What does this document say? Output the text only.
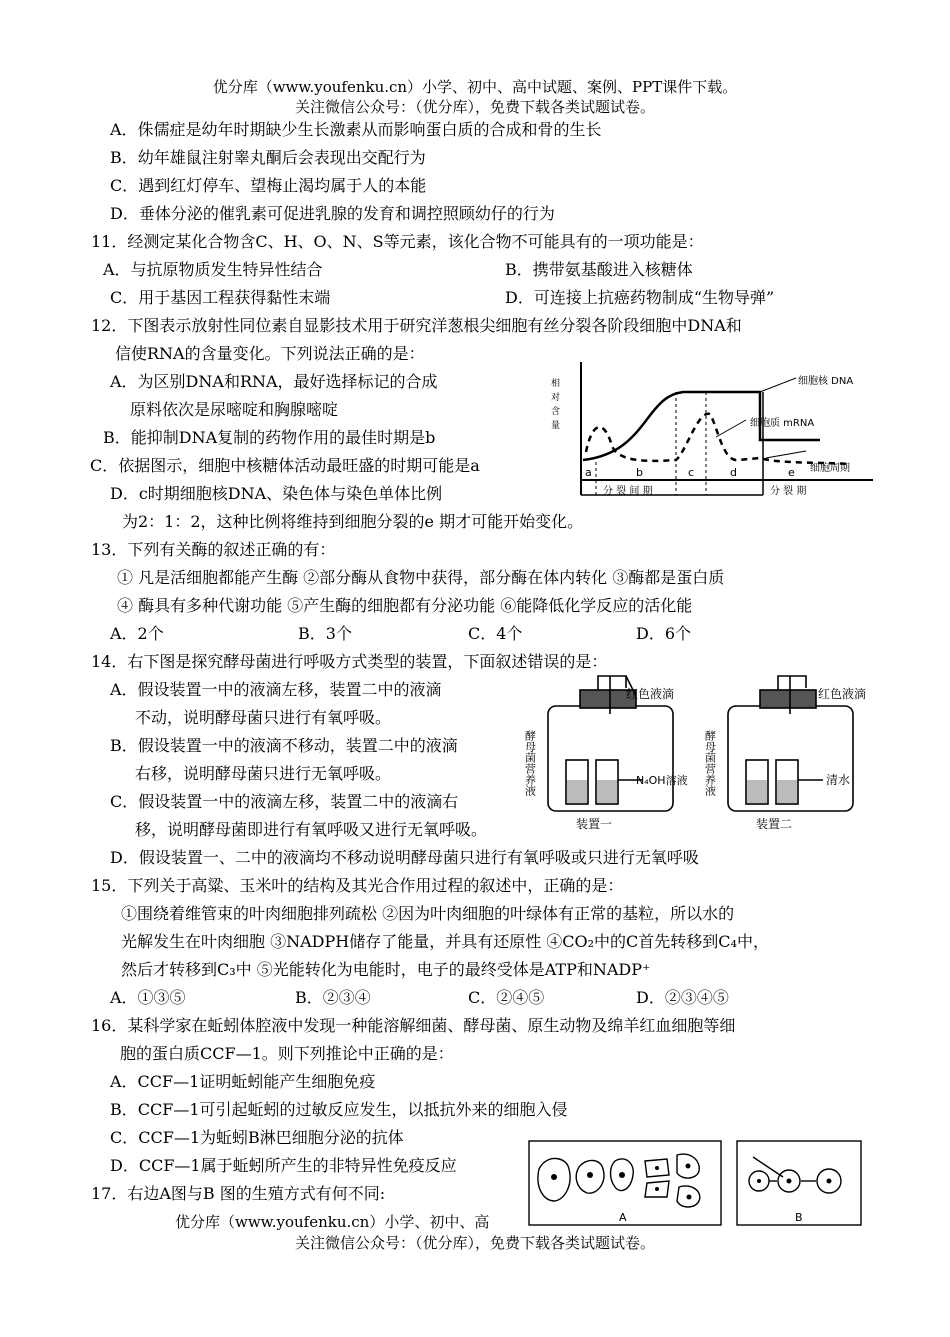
优分库（www.youfenku.cn）小学、初中、高中试题、案例、PPT课件下载。
关注微信公众号：（优分库），免费下载各类试题试卷。
A．侏儒症是幼年时期缺少生长激素从而影响蛋白质的合成和骨的生长
B．幼年雄鼠注射睾丸酮后会表现出交配行为
C．遇到红灯停车、望梅止渴均属于人的本能
D．垂体分泌的催乳素可促进乳腺的发育和调控照顾幼仔的行为
11．经测定某化合物含C、H、O、N、S等元素，该化合物不可能具有的一项功能是：
A．与抗原物质发生特异性结合	B．携带氨基酸进入核糖体
C．用于基因工程获得黏性末端	D．可连接上抗癌药物制成“生物导弹”
12．下图表示放射性同位素自显影技术用于研究洋葱根尖细胞有丝分裂各阶段细胞中DNA和
信使RNA的含量变化。下列说法正确的是：
A．为区别DNA和RNA，最好选择标记的合成
原料依次是尿嘧啶和胸腺嘧啶
B．能抑制DNA复制的药物作用的最佳时期是b
C．依据图示，细胞中核糖体活动最旺盛的时期可能是a
D．c时期细胞核DNA、染色体与染色单体比例
为2：1：2，这种比例将维持到细胞分裂的e 期才可能开始变化。
相
对
含
量
细胞核 DNA
细胞质 mRNA
细胞周期
a	b	c	d	e
分 裂 间 期	分 裂 期
13．下列有关酶的叙述正确的有：
① 凡是活细胞都能产生酶 ②部分酶从食物中获得，部分酶在体内转化 ③酶都是蛋白质
④ 酶具有多种代谢功能 ⑤产生酶的细胞都有分泌功能 ⑥能降低化学反应的活化能
A．2个	B．3个	C．4个	D．6个
14．右下图是探究酵母菌进行呼吸方式类型的装置，下面叙述错误的是：
A．假设装置一中的液滴左移，装置二中的液滴
不动，说明酵母菌只进行有氧呼吸。
B．假设装置一中的液滴不移动，装置二中的液滴
右移，说明酵母菌只进行无氧呼吸。
C．假设装置一中的液滴左移，装置二中的液滴右
移，说明酵母菌即进行有氧呼吸又进行无氧呼吸。
D．假设装置一、二中的液滴均不移动说明酵母菌只进行有氧呼吸或只进行无氧呼吸
红色液滴	红色液滴
N₄OH溶液	清水
酵母菌营养液	酵母菌营养液
装置一	装置二
15．下列关于高粱、玉米叶的结构及其光合作用过程的叙述中，正确的是：
①围绕着维管束的叶肉细胞排列疏松 ②因为叶肉细胞的叶绿体有正常的基粒，所以水的
光解发生在叶肉细胞 ③NADPH储存了能量，并具有还原性 ④CO₂中的C首先转移到C₄中，
然后才转移到C₃中 ⑤光能转化为电能时，电子的最终受体是ATP和NADP⁺
A．①③⑤	B．②③④	C．②④⑤	D．②③④⑤
16．某科学家在蚯蚓体腔液中发现一种能溶解细菌、酵母菌、原生动物及绵羊红血细胞等细
胞的蛋白质CCF—1。则下列推论中正确的是：
A．CCF—1证明蚯蚓能产生细胞免疫
B．CCF—1可引起蚯蚓的过敏反应发生，以抵抗外来的细胞入侵
C．CCF—1为蚯蚓B淋巴细胞分泌的抗体
D．CCF—1属于蚯蚓所产生的非特异性免疫反应
17．右边A图与B 图的生殖方式有何不同:
A	B
优分库（www.youfenku.cn）小学、初中、高
关注微信公众号：（优分库），免费下载各类试题试卷。
